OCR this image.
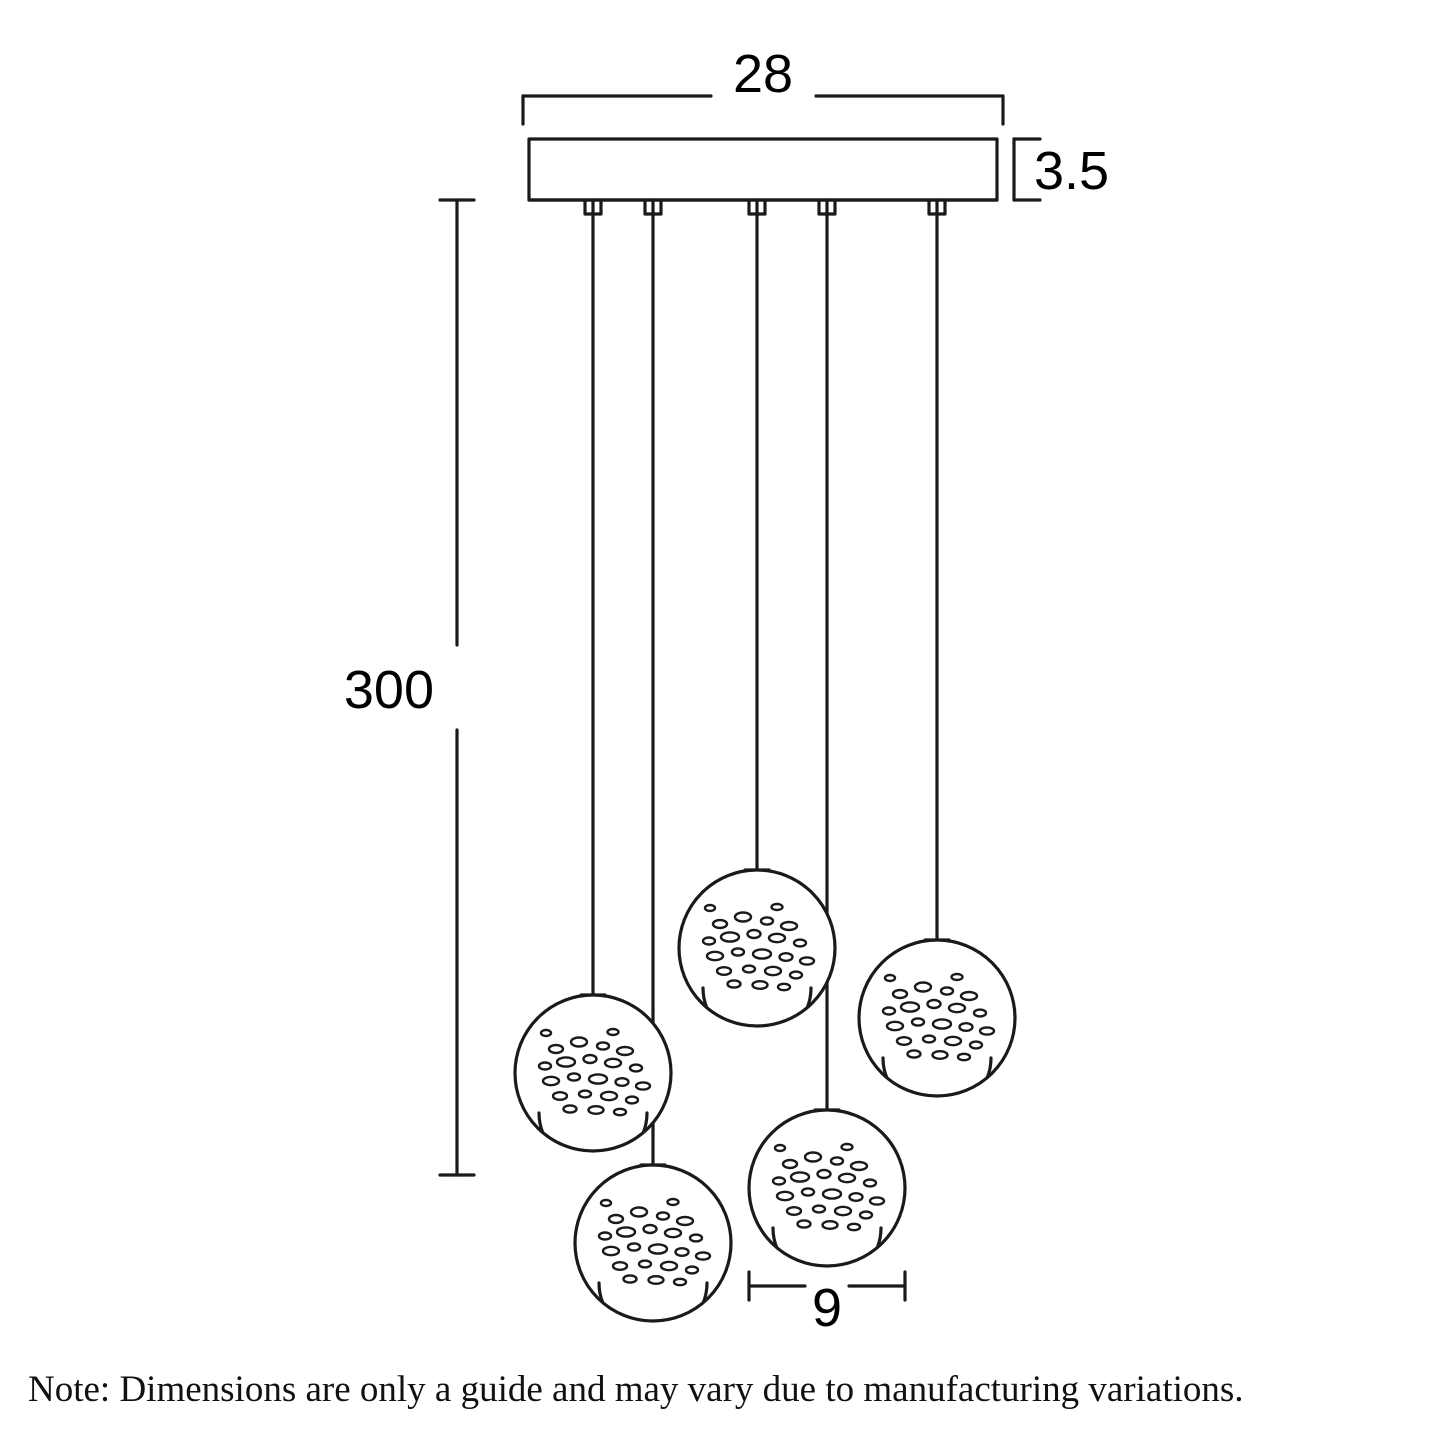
28
3.5
300
9
Note: Dimensions are only a guide and may vary due to manufacturing variations.
